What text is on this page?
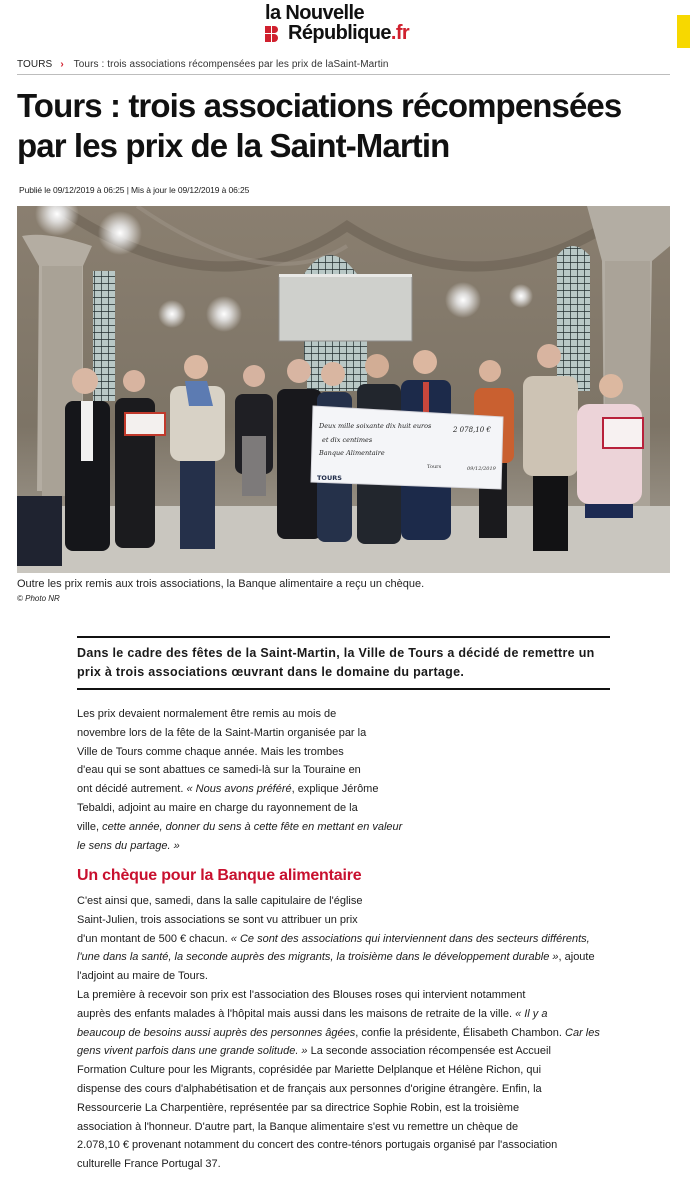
la Nouvelle
République.fr
TOURS › Tours : trois associations récompensées par les prix de laSaint-Martin
Tours : trois associations récompensées par les prix de la Saint-Martin
Publié le 09/12/2019 à 06:25 | Mis à jour le 09/12/2019 à 06:25
Deux mille soixante dix huit euros
et dix centimes
Banque Alimentaire
2 078,10 €
Tours	09/12/2019
TOURS
Outre les prix remis aux trois associations, la Banque alimentaire a reçu un chèque.
© Photo NR

Dans le cadre des fêtes de la Saint-Martin, la Ville de Tours a décidé de remettre un prix à trois associations œuvrant dans le domaine du partage.

Les prix devaient normalement être remis au mois de
novembre lors de la fête de la Saint-Martin organisée par la
Ville de Tours comme chaque année. Mais les trombes
d'eau qui se sont abattues ce samedi-là sur la Touraine en
ont décidé autrement. « Nous avons préféré, explique Jérôme
Tebaldi, adjoint au maire en charge du rayonnement de la
ville, cette année, donner du sens à cette fête en mettant en valeur
le sens du partage. »
Un chèque pour la Banque alimentaire
C'est ainsi que, samedi, dans la salle capitulaire de l'église
Saint-Julien, trois associations se sont vu attribuer un prix
d'un montant de 500 € chacun. « Ce sont des associations qui interviennent dans des secteurs différents,
l'une dans la santé, la seconde auprès des migrants, la troisième dans le développement durable », ajoute
l'adjoint au maire de Tours.
La première à recevoir son prix est l'association des Blouses roses qui intervient notamment
auprès des enfants malades à l'hôpital mais aussi dans les maisons de retraite de la ville. « Il y a
beaucoup de besoins aussi auprès des personnes âgées, confie la présidente, Élisabeth Chambon. Car les
gens vivent parfois dans une grande solitude. » La seconde association récompensée est Accueil
Formation Culture pour les Migrants, coprésidée par Mariette Delplanque et Hélène Richon, qui
dispense des cours d'alphabétisation et de français aux personnes d'origine étrangère. Enfin, la
Ressourcerie La Charpentière, représentée par sa directrice Sophie Robin, est la troisième
association à l'honneur. D'autre part, la Banque alimentaire s'est vu remettre un chèque de
2.078,10 € provenant notamment du concert des contre-ténors portugais organisé par l'association
culturelle France Portugal 37.
